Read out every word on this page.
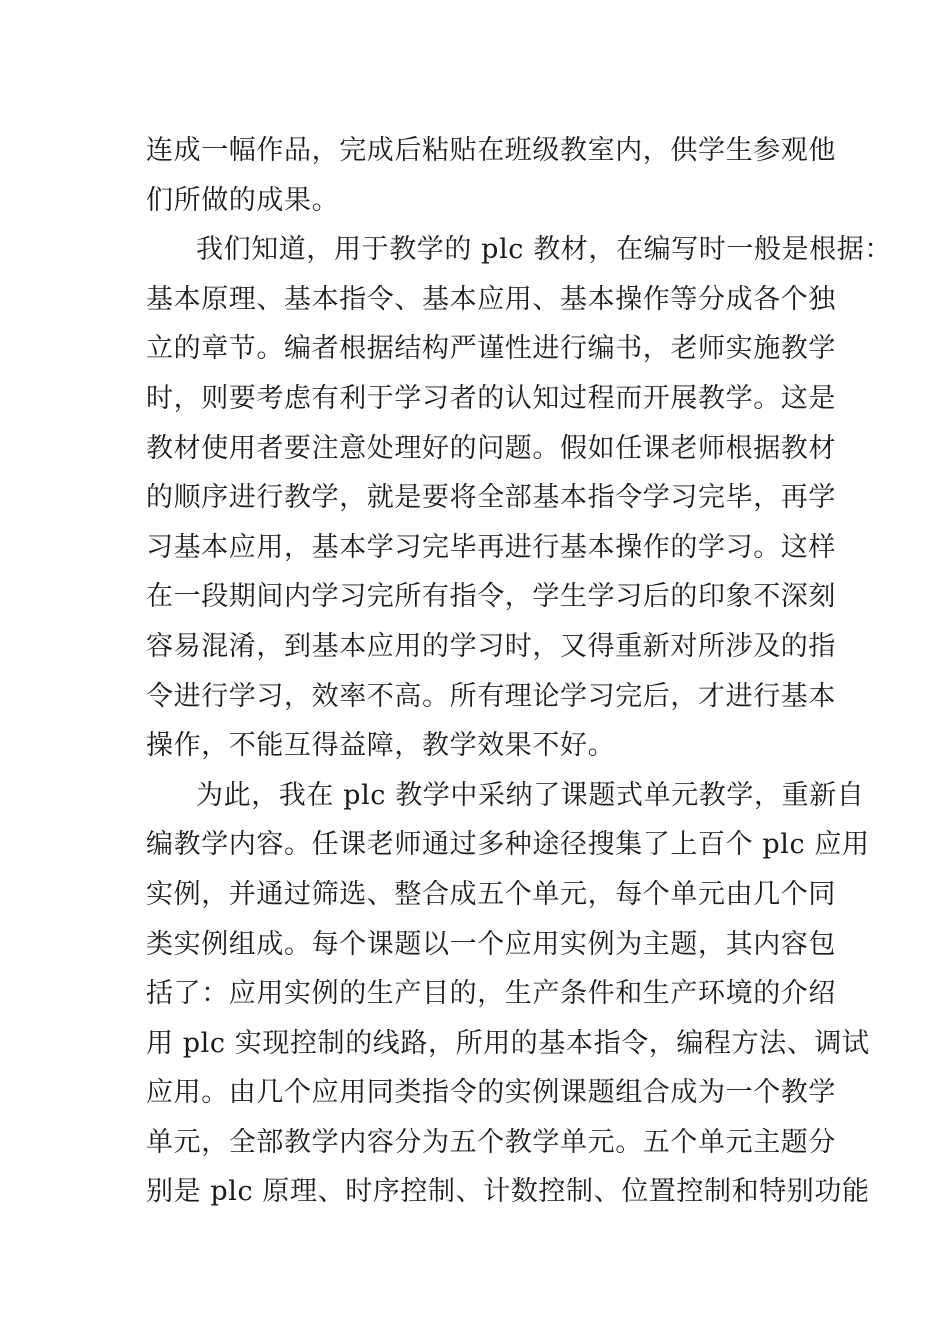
连成一幅作品，完成后粘贴在班级教室内，供学生参观他
们所做的成果。
我们知道，用于教学的 plc 教材，在编写时一般是根据：
基本原理、基本指令、基本应用、基本操作等分成各个独
立的章节。编者根据结构严谨性进行编书，老师实施教学
时，则要考虑有利于学习者的认知过程而开展教学。这是
教材使用者要注意处理好的问题。假如任课老师根据教材
的顺序进行教学，就是要将全部基本指令学习完毕，再学
习基本应用，基本学习完毕再进行基本操作的学习。这样
在一段期间内学习完所有指令，学生学习后的印象不深刻
容易混淆，到基本应用的学习时，又得重新对所涉及的指
令进行学习，效率不高。所有理论学习完后，才进行基本
操作，不能互得益障，教学效果不好。
为此，我在 plc 教学中采纳了课题式单元教学，重新自
编教学内容。任课老师通过多种途径搜集了上百个 plc 应用
实例，并通过筛选、整合成五个单元，每个单元由几个同
类实例组成。每个课题以一个应用实例为主题，其内容包
括了：应用实例的生产目的，生产条件和生产环境的介绍
用 plc 实现控制的线路，所用的基本指令，编程方法、调试
应用。由几个应用同类指令的实例课题组合成为一个教学
单元，全部教学内容分为五个教学单元。五个单元主题分
别是 plc 原理、时序控制、计数控制、位置控制和特别功能
